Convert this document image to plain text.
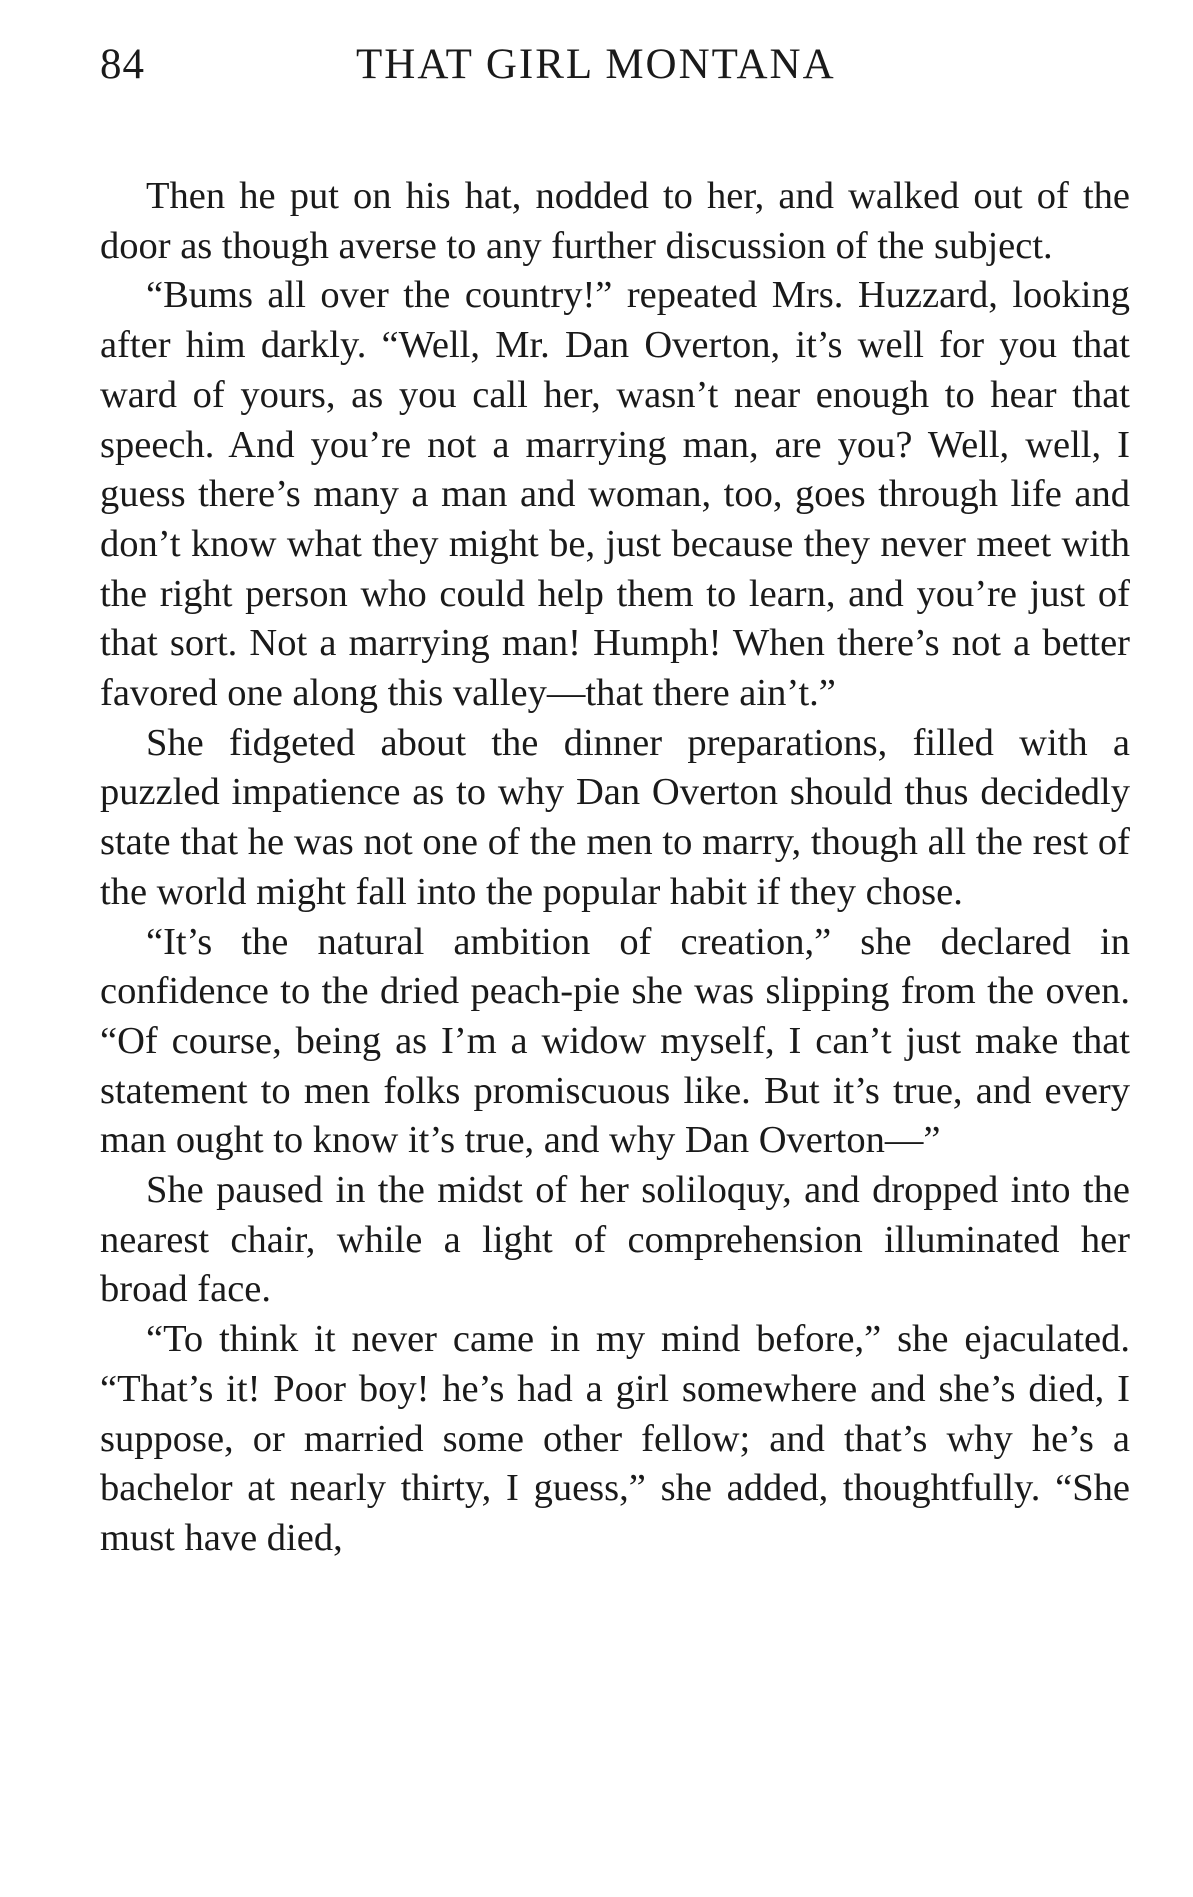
84	THAT GIRL MONTANA

Then he put on his hat, nodded to her, and walked out of the door as though averse to any further discussion of the subject.

“Bums all over the country!” repeated Mrs. Huzzard, looking after him darkly. “Well, Mr. Dan Overton, it’s well for you that ward of yours, as you call her, wasn’t near enough to hear that speech. And you’re not a marrying man, are you? Well, well, I guess there’s many a man and woman, too, goes through life and don’t know what they might be, just because they never meet with the right person who could help them to learn, and you’re just of that sort. Not a marrying man! Humph! When there’s not a better favored one along this valley—that there ain’t.”

She fidgeted about the dinner preparations, filled with a puzzled impatience as to why Dan Overton should thus decidedly state that he was not one of the men to marry, though all the rest of the world might fall into the popular habit if they chose.

“It’s the natural ambition of creation,” she declared in confidence to the dried peach-pie she was slipping from the oven. “Of course, being as I’m a widow myself, I can’t just make that statement to men folks promiscuous like. But it’s true, and every man ought to know it’s true, and why Dan Overton—”

She paused in the midst of her soliloquy, and dropped into the nearest chair, while a light of comprehension illuminated her broad face.

“To think it never came in my mind before,” she ejaculated. “That’s it! Poor boy! he’s had a girl somewhere and she’s died, I suppose, or married some other fellow; and that’s why he’s a bachelor at nearly thirty, I guess,” she added, thoughtfully. “She must have died,
